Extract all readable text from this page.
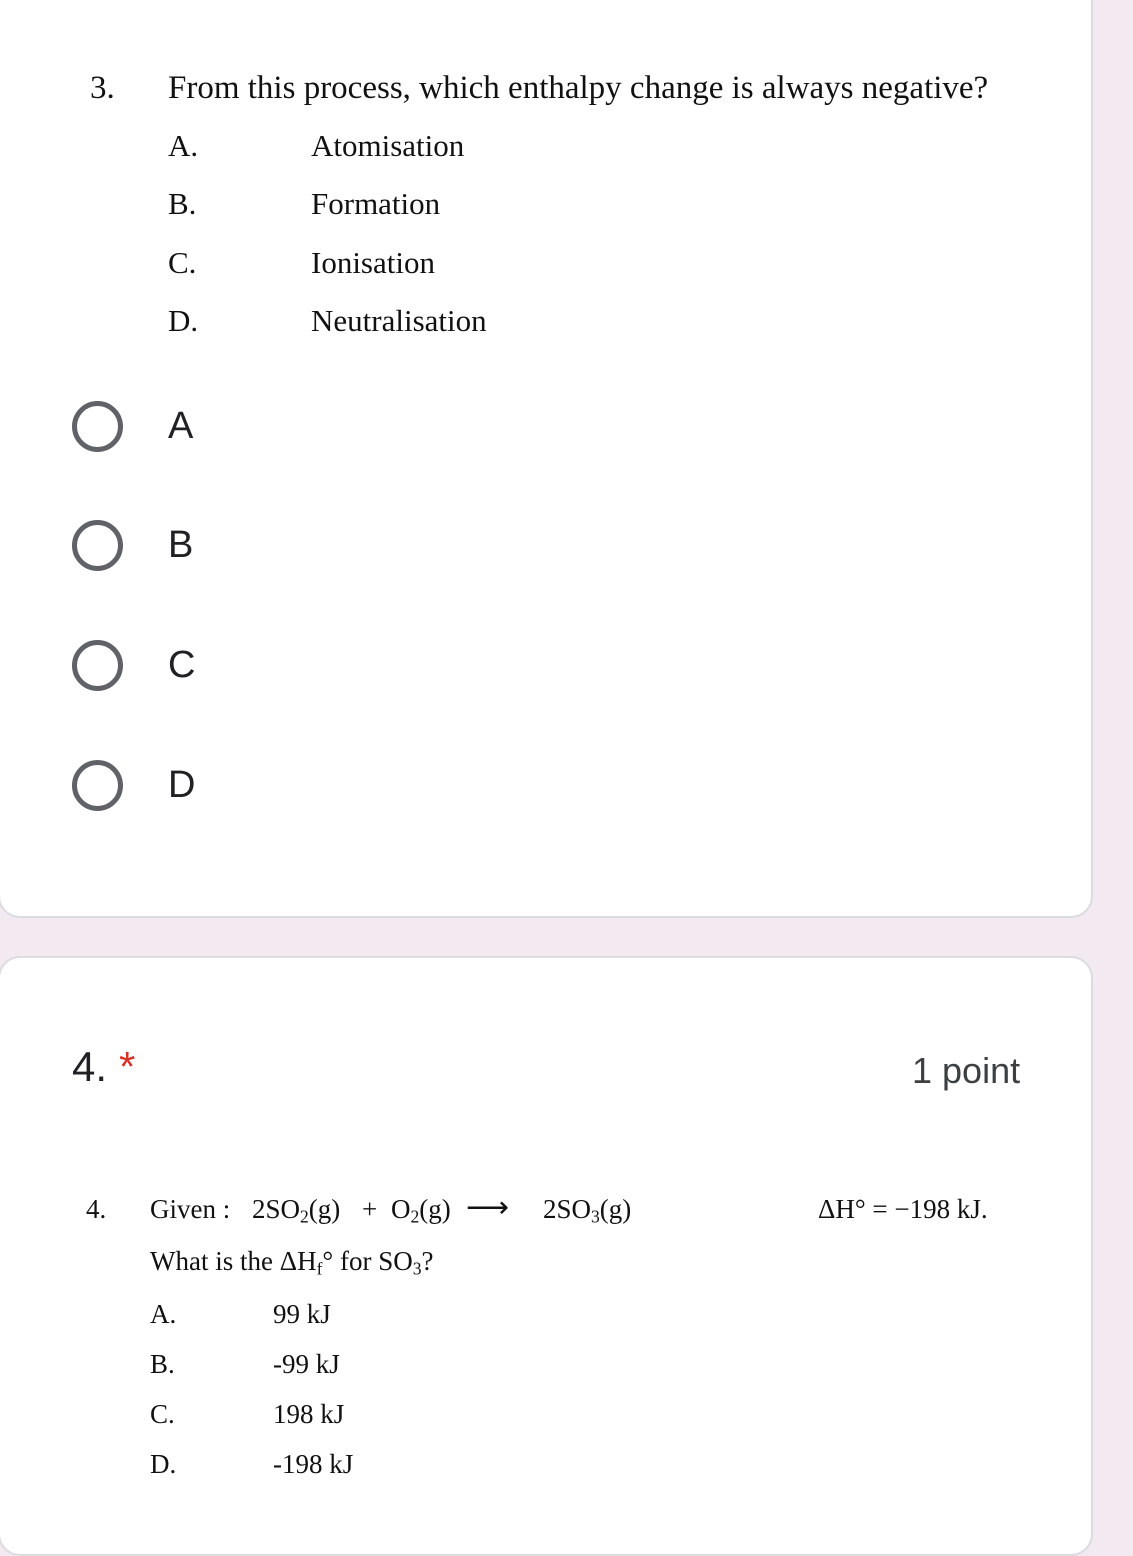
3. From this process, which enthalpy change is always negative?
A.	Atomisation
B.	Formation
C.	Ionisation
D.	Neutralisation
A
B
C
D
4. *	1 point
4. Given : $2SO_2(g) + O_2(g)$ ⟶ $2SO_3(g)$	ΔH° = −198 kJ.
What is the $\Delta H_f^\circ$ for $SO_3$?
A.	99 kJ
B.	-99 kJ
C.	198 kJ
D.	-198 kJ
